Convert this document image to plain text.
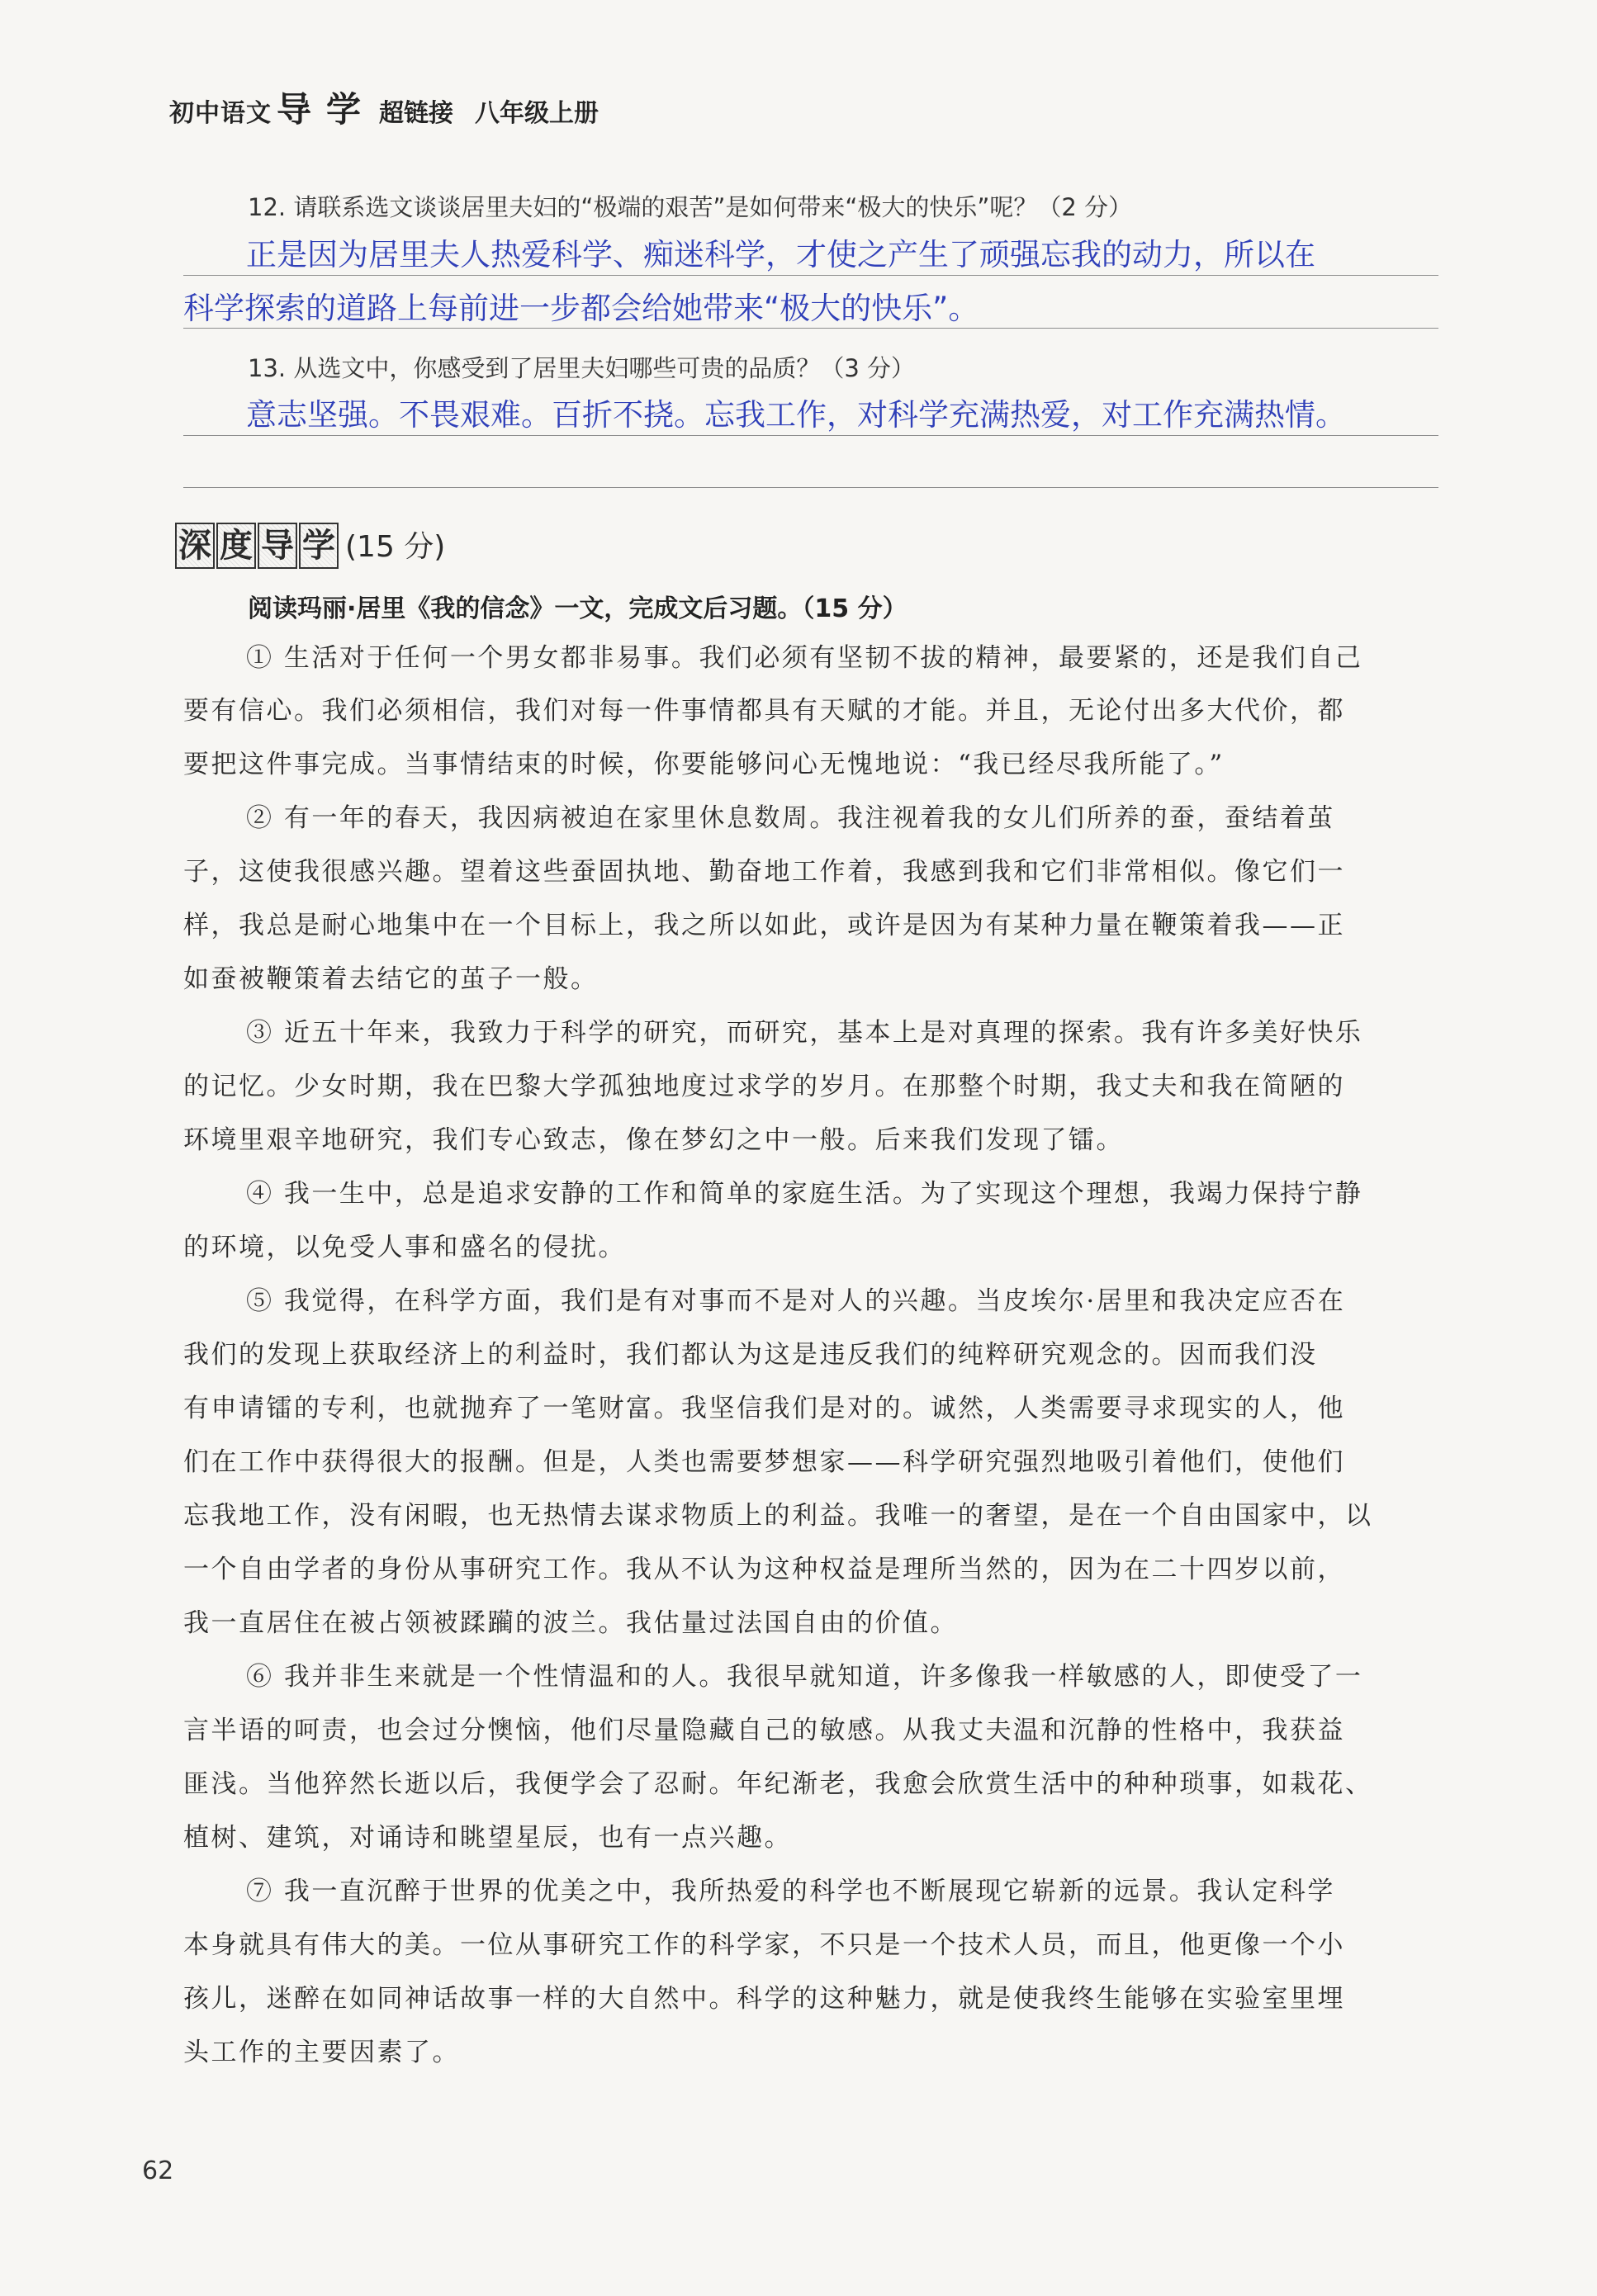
初中语文 导 学 超链接 八年级上册
12. 请联系选文谈谈居里夫妇的“极端的艰苦”是如何带来“极大的快乐”呢？（2 分）
正是因为居里夫人热爱科学、痴迷科学，才使之产生了顽强忘我的动力，所以在
科学探索的道路上每前进一步都会给她带来“极大的快乐”。
13. 从选文中，你感受到了居里夫妇哪些可贵的品质？（3 分）
意志坚强。不畏艰难。百折不挠。忘我工作，对科学充满热爱，对工作充满热情。
深 度 导 学 (15 分)
阅读玛丽·居里《我的信念》一文，完成文后习题。（15 分）
① 生活对于任何一个男女都非易事。我们必须有坚韧不拔的精神，最要紧的，还是我们自己
要有信心。我们必须相信，我们对每一件事情都具有天赋的才能。并且，无论付出多大代价，都
要把这件事完成。当事情结束的时候，你要能够问心无愧地说：“我已经尽我所能了。”
② 有一年的春天，我因病被迫在家里休息数周。我注视着我的女儿们所养的蚕，蚕结着茧
子，这使我很感兴趣。望着这些蚕固执地、勤奋地工作着，我感到我和它们非常相似。像它们一
样，我总是耐心地集中在一个目标上，我之所以如此，或许是因为有某种力量在鞭策着我——正
如蚕被鞭策着去结它的茧子一般。
③ 近五十年来，我致力于科学的研究，而研究，基本上是对真理的探索。我有许多美好快乐
的记忆。少女时期，我在巴黎大学孤独地度过求学的岁月。在那整个时期，我丈夫和我在简陋的
环境里艰辛地研究，我们专心致志，像在梦幻之中一般。后来我们发现了镭。
④ 我一生中，总是追求安静的工作和简单的家庭生活。为了实现这个理想，我竭力保持宁静
的环境，以免受人事和盛名的侵扰。
⑤ 我觉得，在科学方面，我们是有对事而不是对人的兴趣。当皮埃尔·居里和我决定应否在
我们的发现上获取经济上的利益时，我们都认为这是违反我们的纯粹研究观念的。因而我们没
有申请镭的专利，也就抛弃了一笔财富。我坚信我们是对的。诚然，人类需要寻求现实的人，他
们在工作中获得很大的报酬。但是，人类也需要梦想家——科学研究强烈地吸引着他们，使他们
忘我地工作，没有闲暇，也无热情去谋求物质上的利益。我唯一的奢望，是在一个自由国家中，以
一个自由学者的身份从事研究工作。我从不认为这种权益是理所当然的，因为在二十四岁以前，
我一直居住在被占领被蹂躏的波兰。我估量过法国自由的价值。
⑥ 我并非生来就是一个性情温和的人。我很早就知道，许多像我一样敏感的人，即使受了一
言半语的呵责，也会过分懊恼，他们尽量隐藏自己的敏感。从我丈夫温和沉静的性格中，我获益
匪浅。当他猝然长逝以后，我便学会了忍耐。年纪渐老，我愈会欣赏生活中的种种琐事，如栽花、
植树、建筑，对诵诗和眺望星辰，也有一点兴趣。
⑦ 我一直沉醉于世界的优美之中，我所热爱的科学也不断展现它崭新的远景。我认定科学
本身就具有伟大的美。一位从事研究工作的科学家，不只是一个技术人员，而且，他更像一个小
孩儿，迷醉在如同神话故事一样的大自然中。科学的这种魅力，就是使我终生能够在实验室里埋
头工作的主要因素了。
62
